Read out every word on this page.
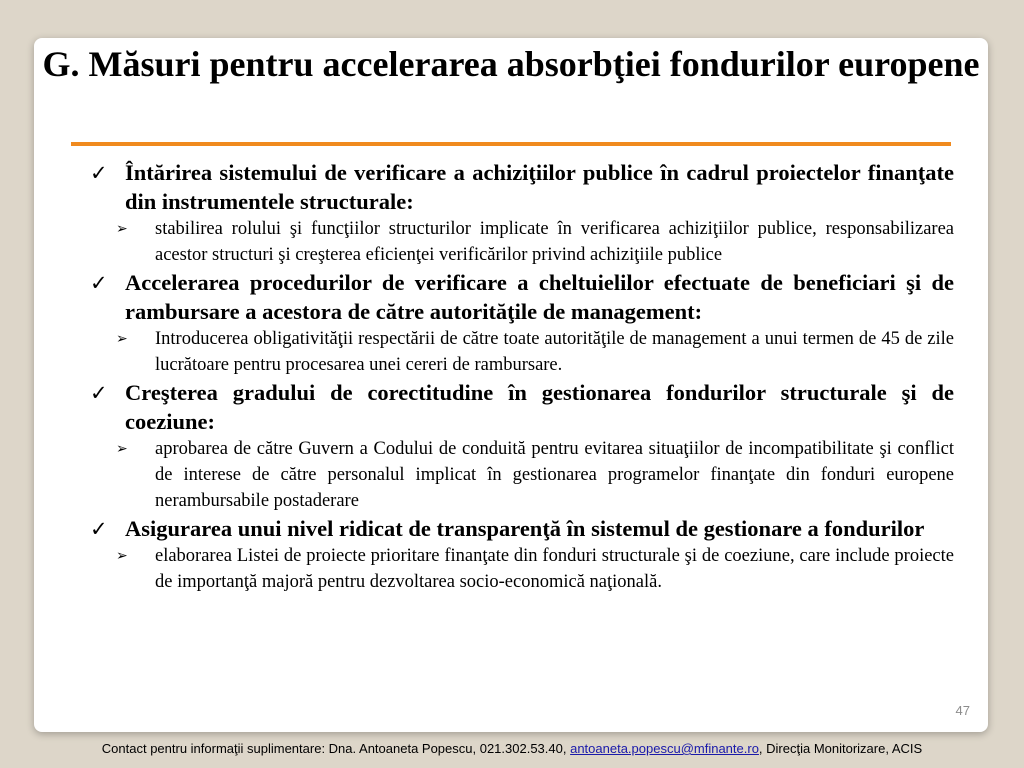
G. Măsuri pentru accelerarea absorbţiei fondurilor europene
✓ Întărirea sistemului de verificare a achiziţiilor publice în cadrul proiectelor finanţate din instrumentele structurale:
➢ stabilirea rolului şi funcţiilor structurilor implicate în verificarea achiziţiilor publice, responsabilizarea acestor structuri şi creşterea eficienţei verificărilor privind achiziţiile publice
✓ Accelerarea procedurilor de verificare a cheltuielilor efectuate de beneficiari şi de rambursare a acestora de către autorităţile de management:
➢ Introducerea obligativităţii respectării de către toate autorităţile de management a unui termen de 45 de zile lucrătoare pentru procesarea unei cereri de rambursare.
✓ Creşterea gradului de corectitudine în gestionarea fondurilor structurale şi de coeziune:
➢ aprobarea de către Guvern a Codului de conduită pentru evitarea situaţiilor de incompatibilitate şi conflict de interese de către personalul implicat în gestionarea programelor finanţate din fonduri europene nerambursabile postaderare
✓ Asigurarea unui nivel ridicat de transparenţă în sistemul de gestionare a fondurilor
➢ elaborarea Listei de proiecte prioritare finanţate din fonduri structurale şi de coeziune, care include proiecte de importanţă majoră pentru dezvoltarea socio-economică naţională.
47
Contact pentru informaţii suplimentare: Dna. Antoaneta Popescu, 021.302.53.40, antoaneta.popescu@mfinante.ro, Direcţia Monitorizare, ACIS
